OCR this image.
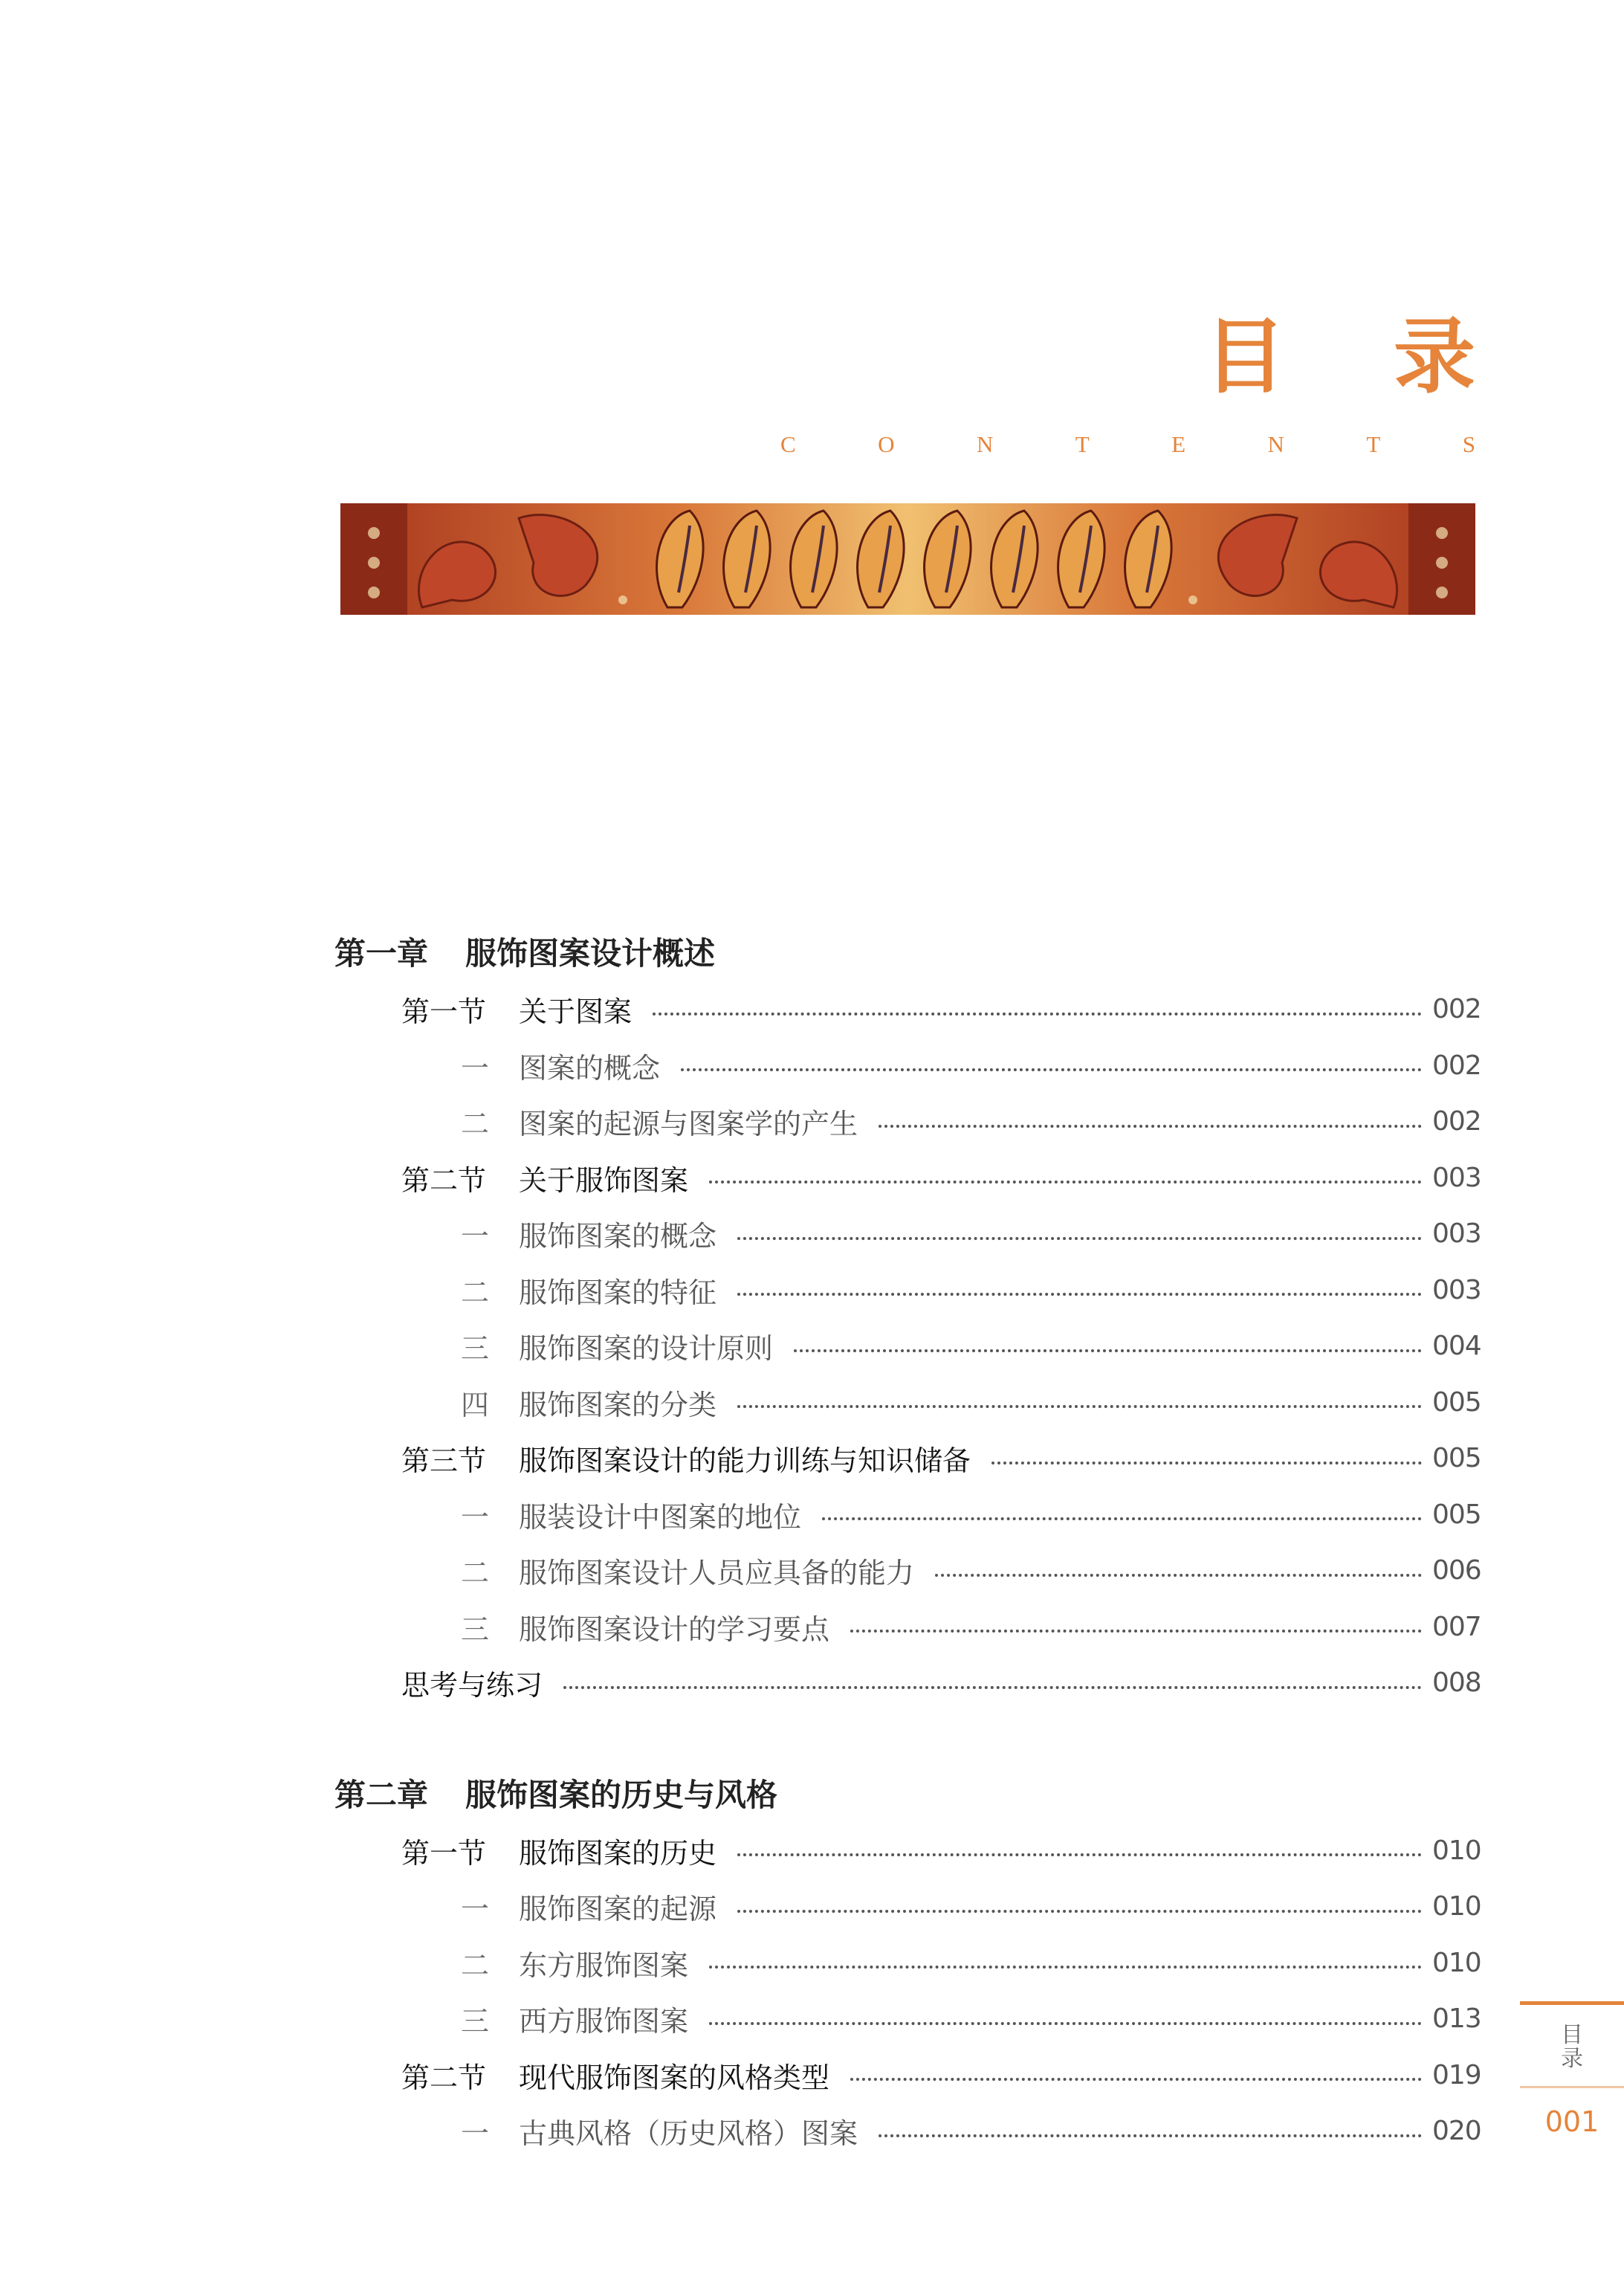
目录
C	O	N	T	E	N	T	S
第一章	服饰图案设计概述
第一节	关于图案	002
一	图案的概念	002
二	图案的起源与图案学的产生	002
第二节	关于服饰图案	003
一	服饰图案的概念	003
二	服饰图案的特征	003
三	服饰图案的设计原则	004
四	服饰图案的分类	005
第三节	服饰图案设计的能力训练与知识储备	005
一	服装设计中图案的地位	005
二	服饰图案设计人员应具备的能力	006
三	服饰图案设计的学习要点	007
思考与练习	008
第二章	服饰图案的历史与风格
第一节	服饰图案的历史	010
一	服饰图案的起源	010
二	东方服饰图案	010
三	西方服饰图案	013
第二节	现代服饰图案的风格类型	019
一	古典风格（历史风格）图案	020
目录
001
